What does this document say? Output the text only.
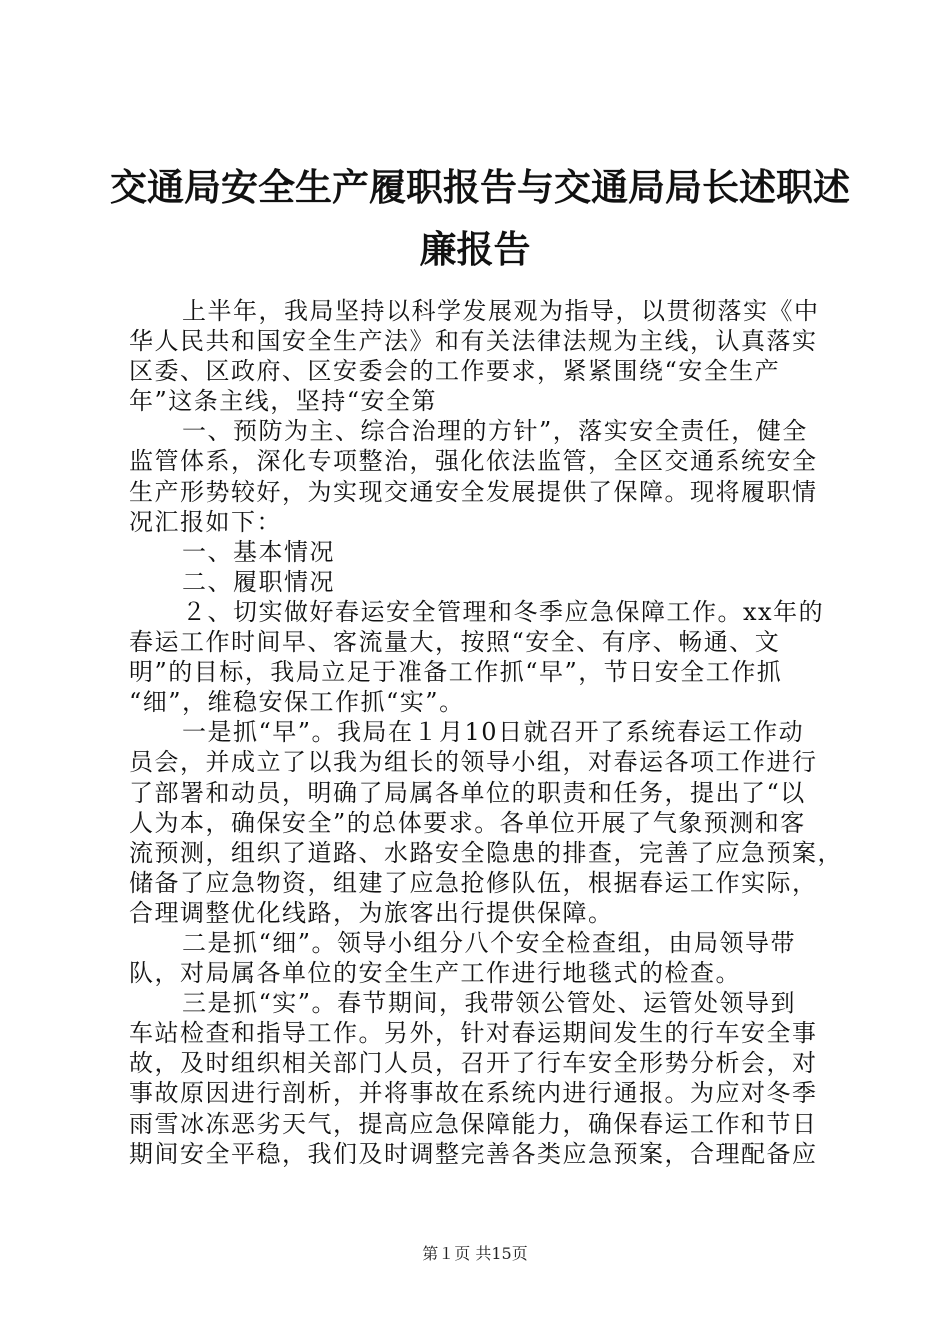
交通局安全生产履职报告与交通局局长述职述
廉报告
上半年，我局坚持以科学发展观为指导，以贯彻落实《中
华人民共和国安全生产法》和有关法律法规为主线，认真落实
区委、区政府、区安委会的工作要求，紧紧围绕“安全生产
年”这条主线，坚持“安全第
一、预防为主、综合治理的方针”，落实安全责任，健全
监管体系，深化专项整治，强化依法监管，全区交通系统安全
生产形势较好，为实现交通安全发展提供了保障。现将履职情
况汇报如下：
一、基本情况
二、履职情况
２、切实做好春运安全管理和冬季应急保障工作。xx年的
春运工作时间早、客流量大，按照“安全、有序、畅通、文
明”的目标，我局立足于准备工作抓“早”，节日安全工作抓
“细”，维稳安保工作抓“实”。
一是抓“早”。我局在１月10日就召开了系统春运工作动
员会，并成立了以我为组长的领导小组，对春运各项工作进行
了部署和动员，明确了局属各单位的职责和任务，提出了“以
人为本，确保安全”的总体要求。各单位开展了气象预测和客
流预测，组织了道路、水路安全隐患的排查，完善了应急预案，
储备了应急物资，组建了应急抢修队伍，根据春运工作实际，
合理调整优化线路，为旅客出行提供保障。
二是抓“细”。领导小组分八个安全检查组，由局领导带
队，对局属各单位的安全生产工作进行地毯式的检查。
三是抓“实”。春节期间，我带领公管处、运管处领导到
车站检查和指导工作。另外，针对春运期间发生的行车安全事
故，及时组织相关部门人员，召开了行车安全形势分析会，对
事故原因进行剖析，并将事故在系统内进行通报。为应对冬季
雨雪冰冻恶劣天气，提高应急保障能力，确保春运工作和节日
期间安全平稳，我们及时调整完善各类应急预案，合理配备应
第１页 共15页
